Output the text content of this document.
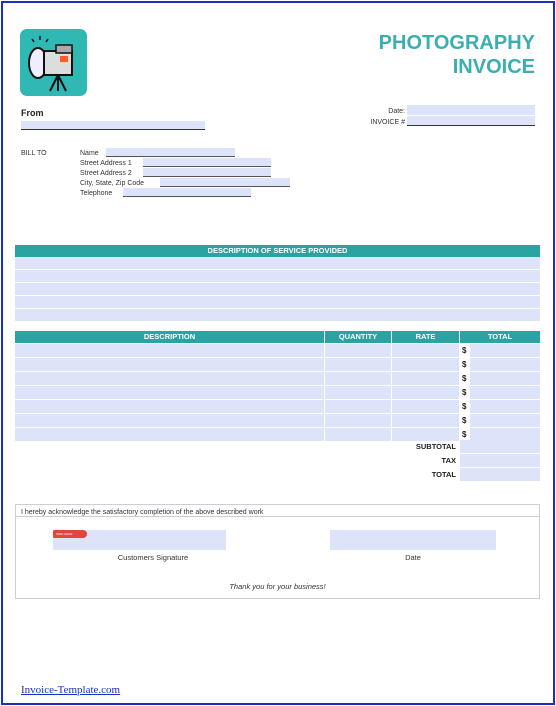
PHOTOGRAPHY
INVOICE
From	Date:
INVOICE #
BILL TO	Name
Street Address 1
Street Address 2
City, State, Zip Code
Telephone
DESCRIPTION OF SERVICE PROVIDED
DESCRIPTION	QUANTITY	RATE	TOTAL
$
$
$
$
$
$
$
SUBTOTAL
TAX
TOTAL
I hereby acknowledge the satisfactory completion of the above described work
SIGN HERE
Customers Signature	Date
Thank you for your business!
Invoice-Template.com
